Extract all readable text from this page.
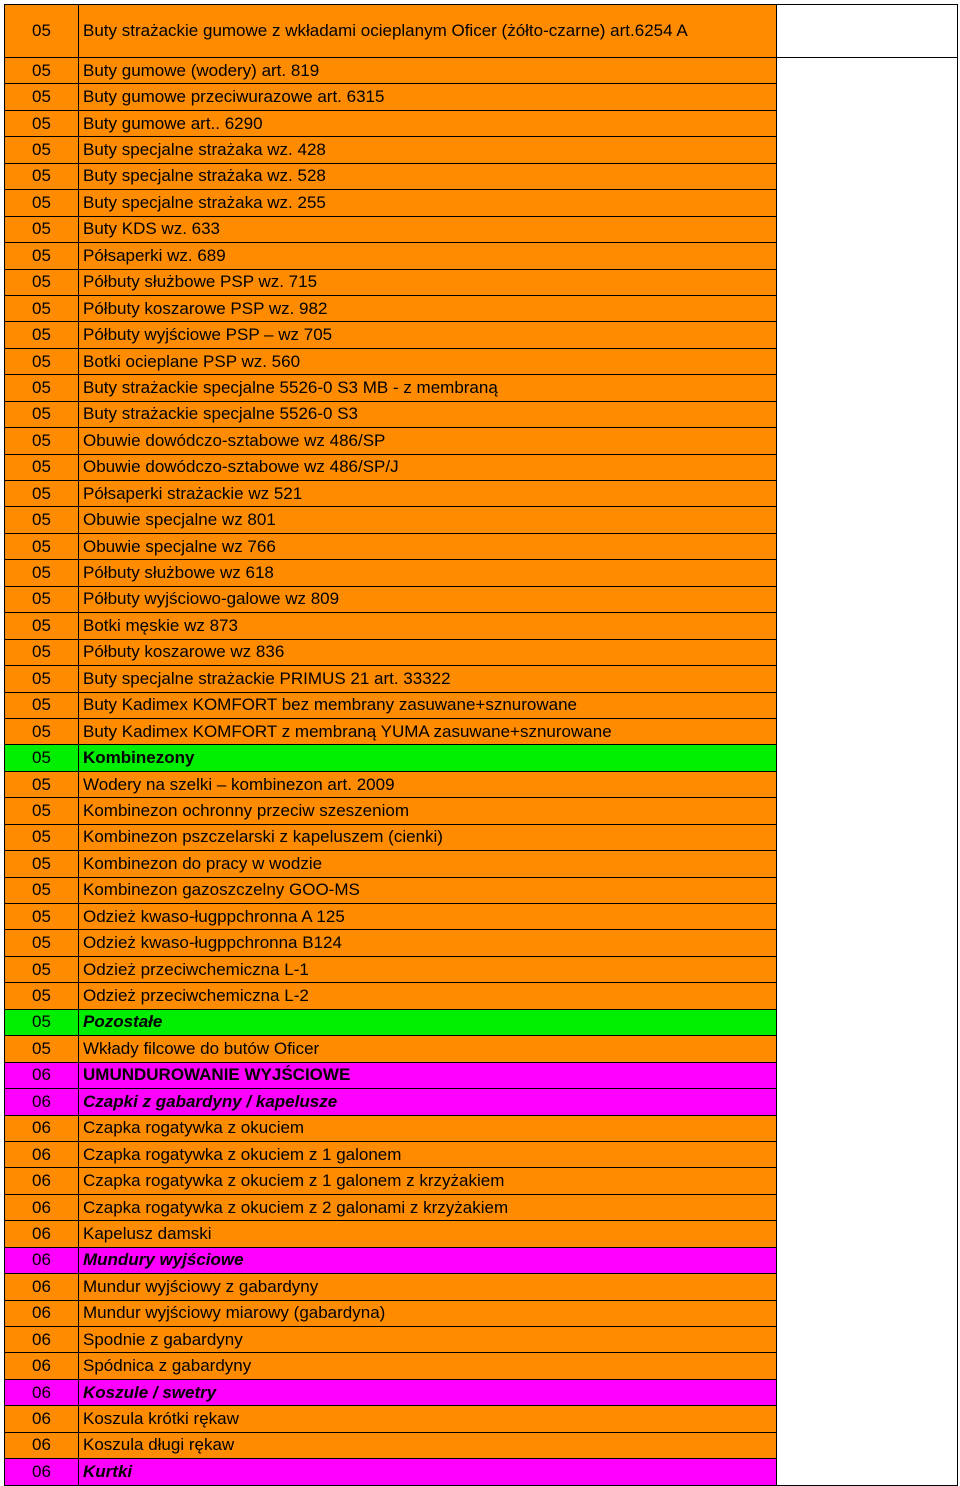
05	Buty strażackie gumowe z wkładami ocieplanym Oficer (żółto-czarne) art.6254 A	
05	Buty gumowe (wodery) art. 819	
05	Buty gumowe przeciwurazowe art. 6315	
05	Buty gumowe art.. 6290	
05	Buty specjalne strażaka wz. 428	
05	Buty specjalne strażaka wz. 528	
05	Buty specjalne strażaka wz. 255	
05	Buty KDS wz. 633	
05	Półsaperki wz. 689	
05	Półbuty służbowe PSP wz. 715	
05	Półbuty koszarowe PSP wz. 982	
05	Półbuty wyjściowe PSP – wz 705	
05	Botki ocieplane PSP wz. 560	
05	Buty strażackie specjalne 5526-0 S3 MB - z membraną	
05	Buty strażackie specjalne 5526-0 S3	
05	Obuwie dowódczo-sztabowe wz 486/SP	
05	Obuwie dowódczo-sztabowe wz 486/SP/J	
05	Półsaperki strażackie wz 521	
05	Obuwie specjalne wz 801	
05	Obuwie specjalne wz 766	
05	Półbuty służbowe wz 618	
05	Półbuty wyjściowo-galowe wz 809	
05	Botki męskie wz 873	
05	Półbuty koszarowe wz 836	
05	Buty specjalne strażackie PRIMUS 21 art. 33322	
05	Buty Kadimex KOMFORT bez membrany zasuwane+sznurowane	
05	Buty Kadimex KOMFORT z membraną YUMA zasuwane+sznurowane	
05	Kombinezony	
05	Wodery na szelki – kombinezon art. 2009	
05	Kombinezon ochronny przeciw szeszeniom	
05	Kombinezon pszczelarski z kapeluszem (cienki)	
05	Kombinezon do pracy w wodzie	
05	Kombinezon gazoszczelny GOO-MS	
05	Odzież kwaso-ługppchronna A 125	
05	Odzież kwaso-ługppchronna B124	
05	Odzież przeciwchemiczna L-1	
05	Odzież przeciwchemiczna L-2	
05	Pozostałe	
05	Wkłady filcowe do butów Oficer	
06	UMUNDUROWANIE WYJŚCIOWE	
06	Czapki z gabardyny / kapelusze	
06	Czapka rogatywka z okuciem	
06	Czapka rogatywka z okuciem z 1 galonem	
06	Czapka rogatywka z okuciem z 1 galonem z krzyżakiem	
06	Czapka rogatywka z okuciem z 2 galonami z krzyżakiem	
06	Kapelusz damski	
06	Mundury wyjściowe	
06	Mundur wyjściowy z gabardyny	
06	Mundur wyjściowy miarowy (gabardyna)	
06	Spodnie z gabardyny	
06	Spódnica z gabardyny	
06	Koszule / swetry	
06	Koszula krótki rękaw	
06	Koszula długi rękaw	
06	Kurtki	
